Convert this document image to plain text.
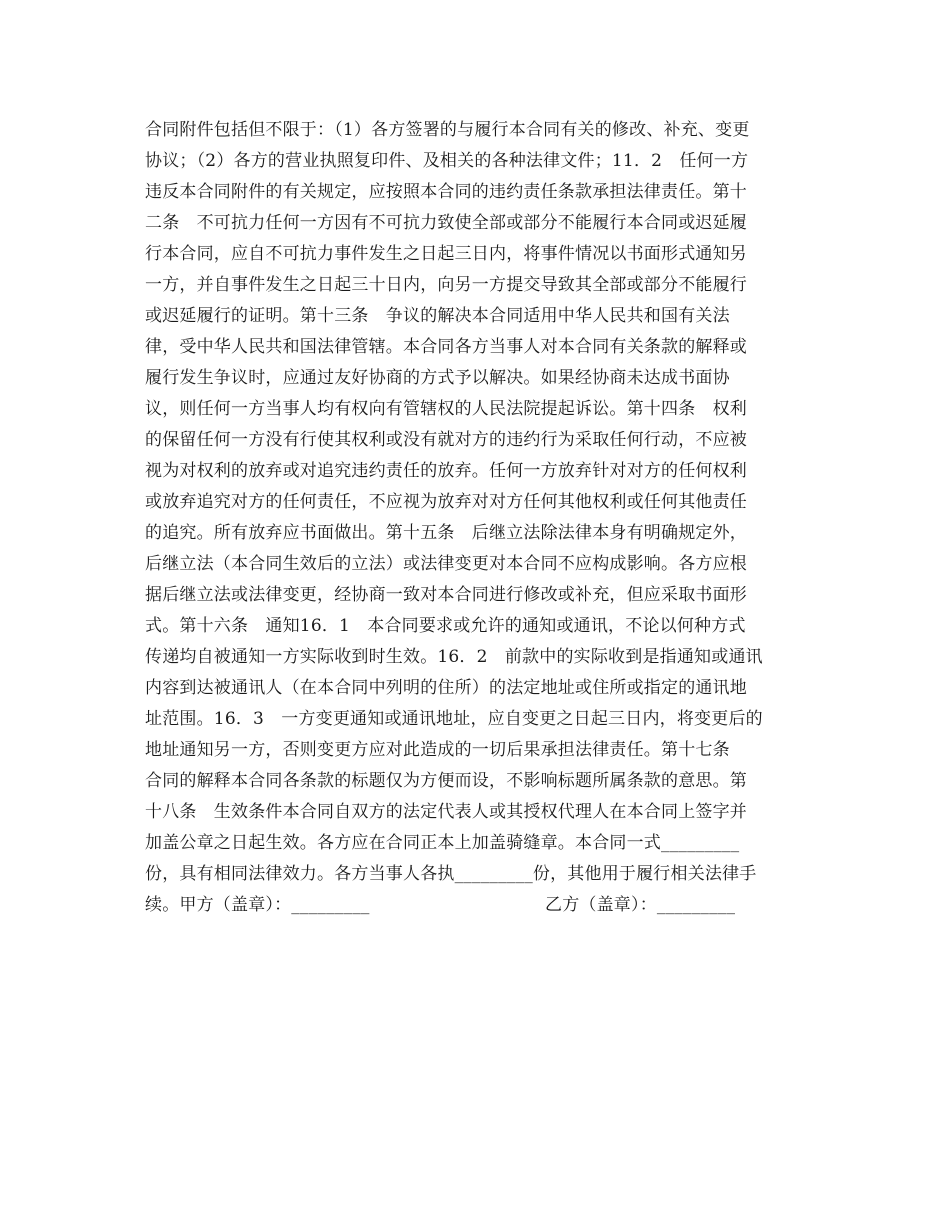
合同附件包括但不限于：（1）各方签署的与履行本合同有关的修改、补充、变更
协议；（2）各方的营业执照复印件、及相关的各种法律文件；11．2　任何一方
违反本合同附件的有关规定，应按照本合同的违约责任条款承担法律责任。第十
二条　不可抗力任何一方因有不可抗力致使全部或部分不能履行本合同或迟延履
行本合同，应自不可抗力事件发生之日起三日内，将事件情况以书面形式通知另
一方，并自事件发生之日起三十日内，向另一方提交导致其全部或部分不能履行
或迟延履行的证明。第十三条　争议的解决本合同适用中华人民共和国有关法
律，受中华人民共和国法律管辖。本合同各方当事人对本合同有关条款的解释或
履行发生争议时，应通过友好协商的方式予以解决。如果经协商未达成书面协
议，则任何一方当事人均有权向有管辖权的人民法院提起诉讼。第十四条　权利
的保留任何一方没有行使其权利或没有就对方的违约行为采取任何行动，不应被
视为对权利的放弃或对追究违约责任的放弃。任何一方放弃针对对方的任何权利
或放弃追究对方的任何责任，不应视为放弃对对方任何其他权利或任何其他责任
的追究。所有放弃应书面做出。第十五条　后继立法除法律本身有明确规定外，
后继立法（本合同生效后的立法）或法律变更对本合同不应构成影响。各方应根
据后继立法或法律变更，经协商一致对本合同进行修改或补充，但应采取书面形
式。第十六条　通知16．1　本合同要求或允许的通知或通讯，不论以何种方式
传递均自被通知一方实际收到时生效。16．2　前款中的实际收到是指通知或通讯
内容到达被通讯人（在本合同中列明的住所）的法定地址或住所或指定的通讯地
址范围。16．3　一方变更通知或通讯地址，应自变更之日起三日内，将变更后的
地址通知另一方，否则变更方应对此造成的一切后果承担法律责任。第十七条
合同的解释本合同各条款的标题仅为方便而设，不影响标题所属条款的意思。第
十八条　生效条件本合同自双方的法定代表人或其授权代理人在本合同上签字并
加盖公章之日起生效。各方应在合同正本上加盖骑缝章。本合同一式_________
份，具有相同法律效力。各方当事人各执_________份，其他用于履行相关法律手

续。甲方（盖章）：_________

	乙方（盖章）：_________
